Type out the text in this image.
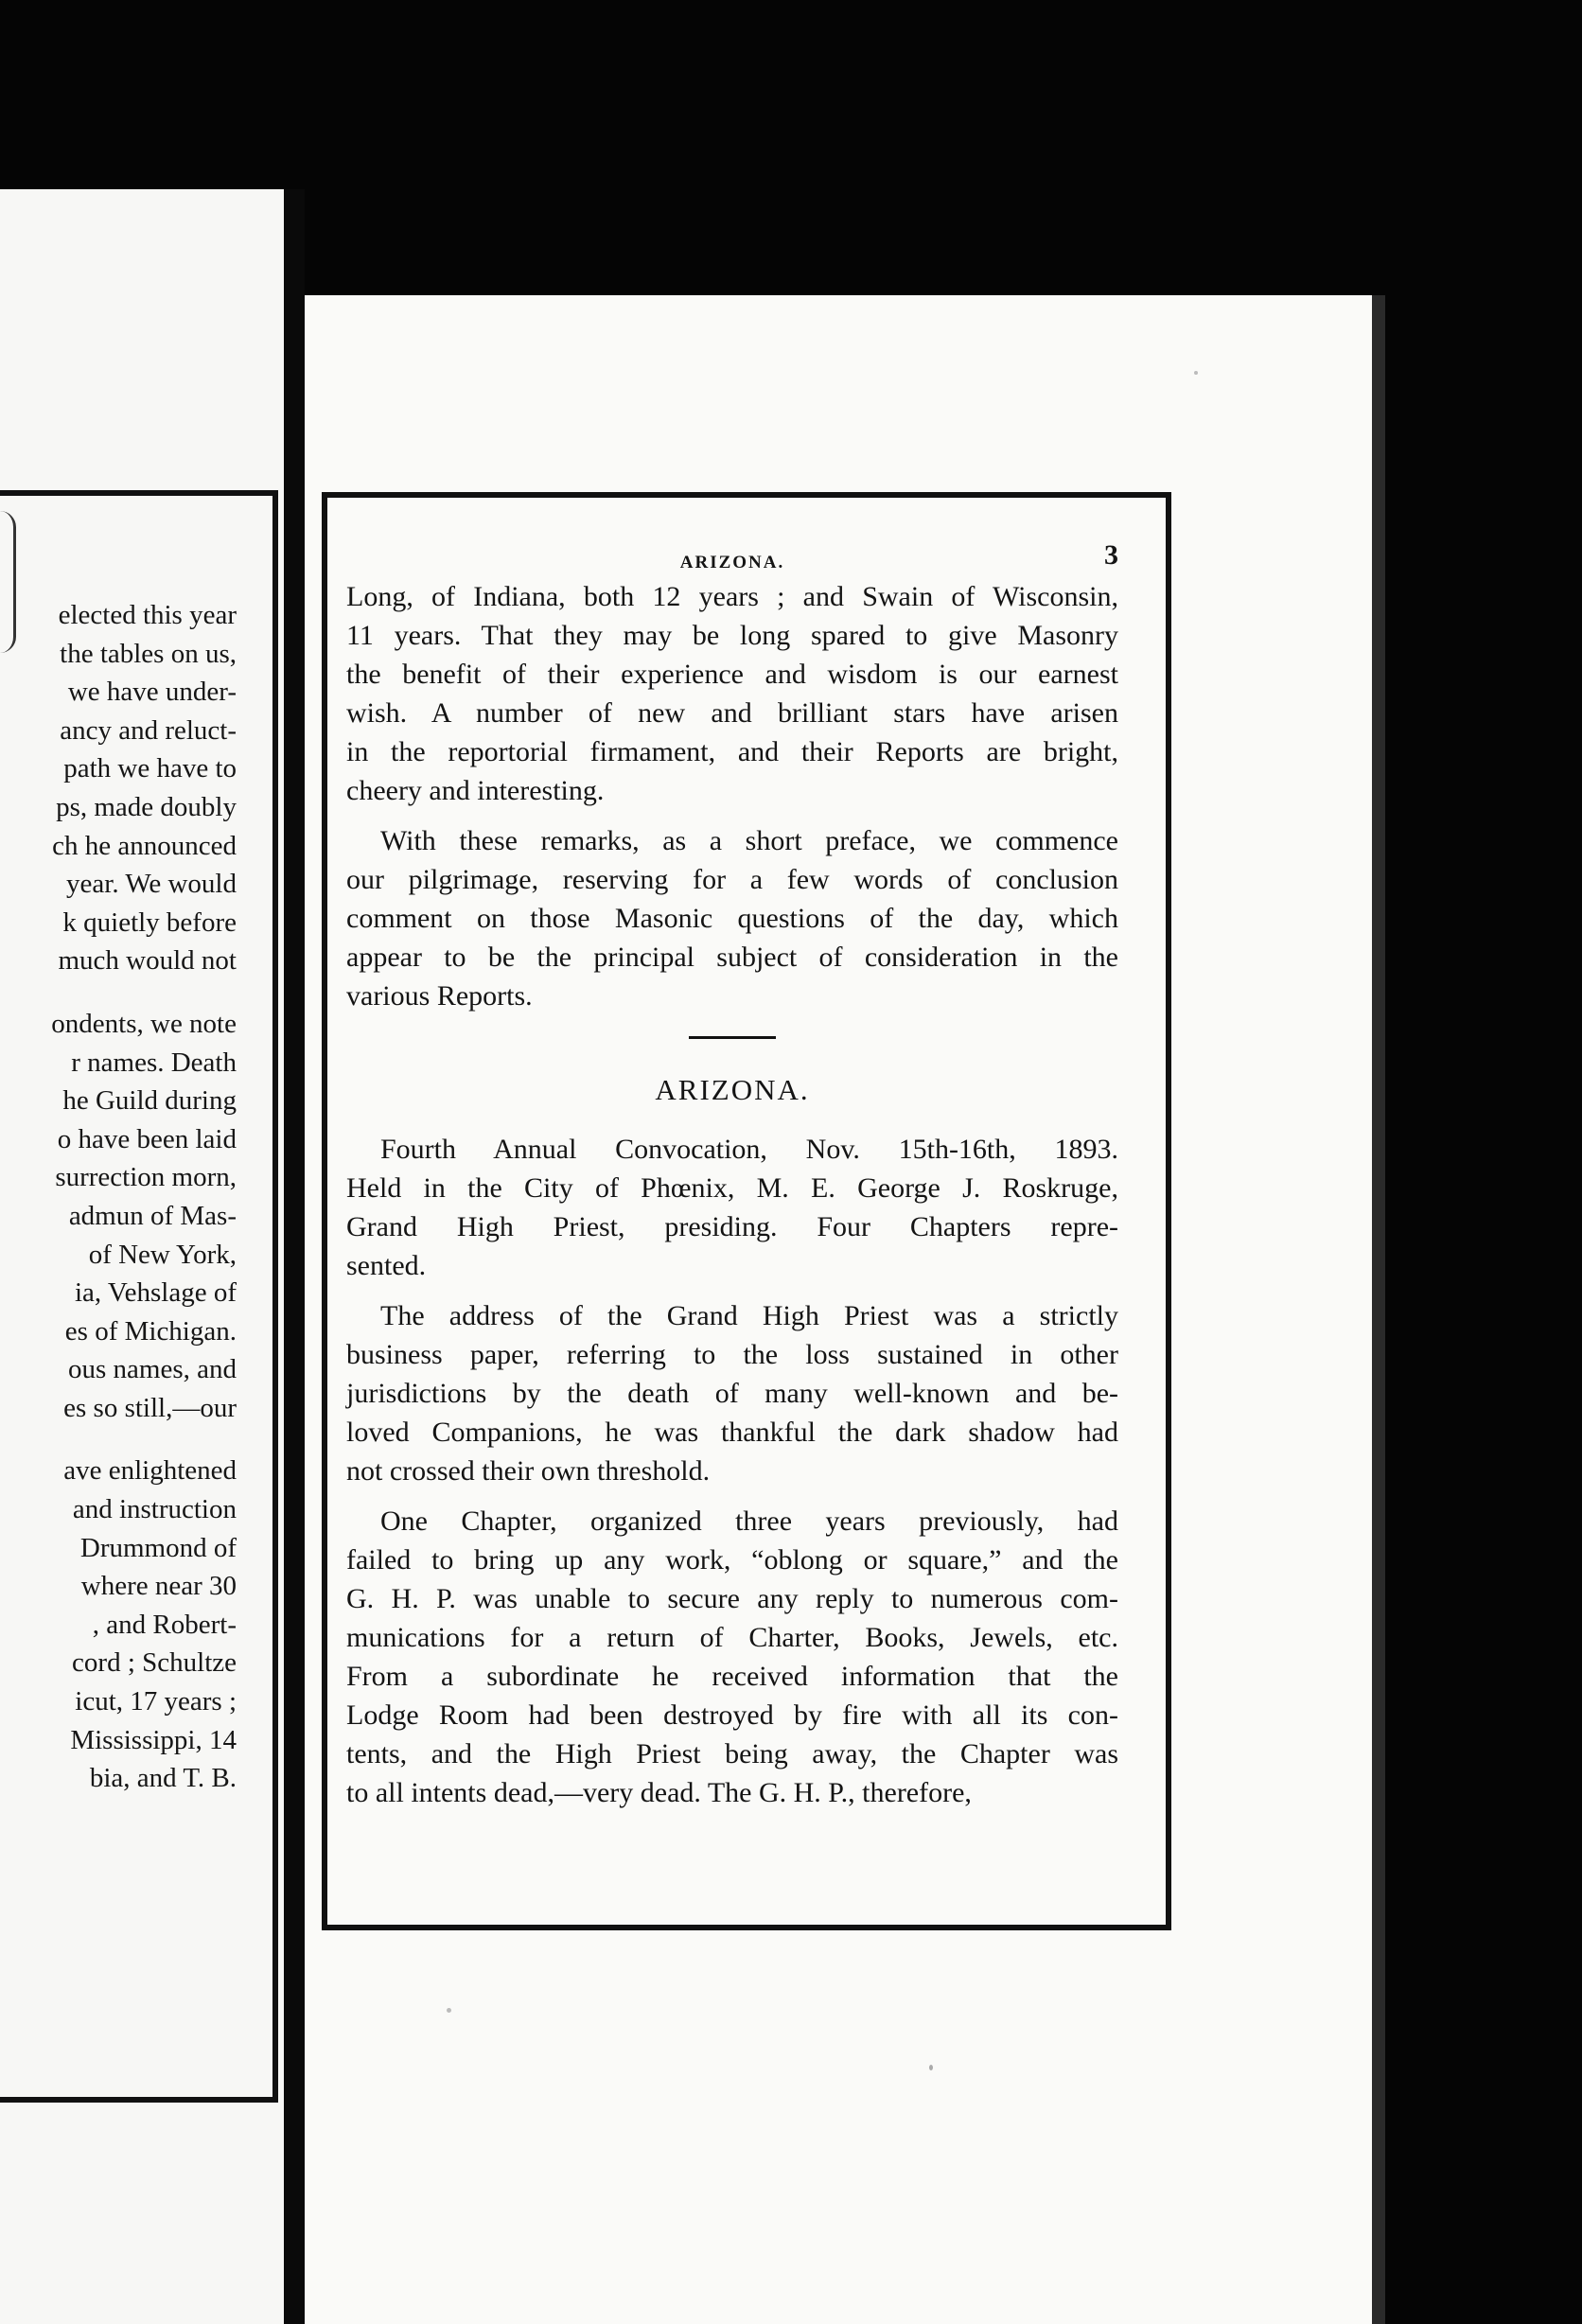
elected this year
the tables on us,
we have under-
ancy and reluct-
path we have to
ps, made doubly
ch he announced
year. We would
k quietly before
much would not
ondents, we note
r names. Death
he Guild during
o have been laid
surrection morn,
admun of Mas-
of New York,
ia, Vehslage of
es of Michigan.
ous names, and
es so still,—our
ave enlightened
and instruction
Drummond of
where near 30
, and Robert-
cord ; Schultze
icut, 17 years ;
Mississippi, 14
bia, and T. B.
ARIZONA.	3

Long, of Indiana, both 12 years ; and Swain of Wisconsin,
11 years. That they may be long spared to give Masonry
the benefit of their experience and wisdom is our earnest
wish. A number of new and brilliant stars have arisen
in the reportorial firmament, and their Reports are bright,
cheery and interesting.

With these remarks, as a short preface, we commence
our pilgrimage, reserving for a few words of conclusion
comment on those Masonic questions of the day, which
appear to be the principal subject of consideration in the
various Reports.

ARIZONA.

Fourth Annual Convocation, Nov. 15th-16th, 1893.
Held in the City of Phœnix, M. E. George J. Roskruge,
Grand High Priest, presiding. Four Chapters repre-
sented.

The address of the Grand High Priest was a strictly
business paper, referring to the loss sustained in other
jurisdictions by the death of many well-known and be-
loved Companions, he was thankful the dark shadow had
not crossed their own threshold.

One Chapter, organized three years previously, had
failed to bring up any work, “oblong or square,” and the
G. H. P. was unable to secure any reply to numerous com-
munications for a return of Charter, Books, Jewels, etc.
From a subordinate he received information that the
Lodge Room had been destroyed by fire with all its con-
tents, and the High Priest being away, the Chapter was
to all intents dead,—very dead. The G. H. P., therefore,
